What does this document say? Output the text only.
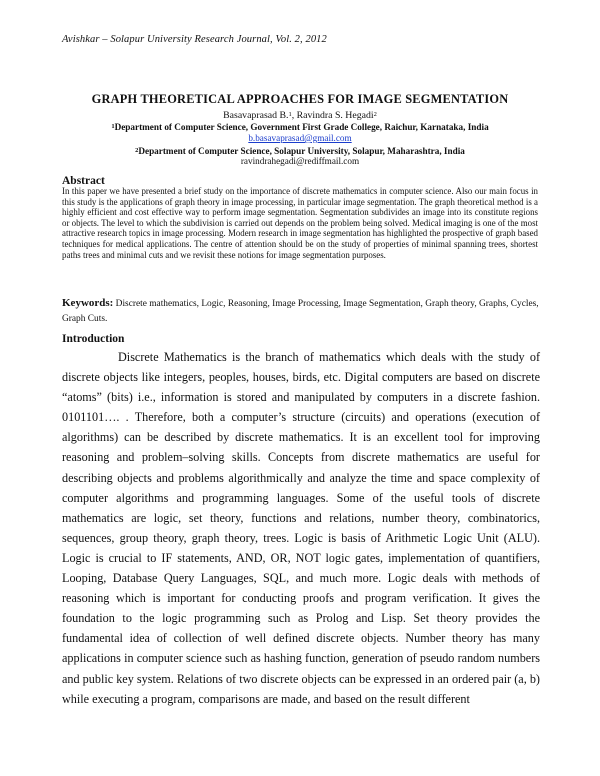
Avishkar – Solapur University Research Journal, Vol. 2, 2012
GRAPH THEORETICAL APPROACHES FOR IMAGE SEGMENTATION
Basavaprasad B.$^1$, Ravindra S. Hegadi$^2$
$^1$Department of Computer Science, Government First Grade College, Raichur, Karnataka, India
b.basavaprasad@gmail.com
$^2$Department of Computer Science, Solapur University, Solapur, Maharashtra, India
ravindrahegadi@rediffmail.com
Abstract

In this paper we have presented a brief study on the importance of discrete mathematics in computer science. Also our main focus in this study is the applications of graph theory in image processing, in particular image segmentation. The graph theoretical method is a highly efficient and cost effective way to perform image segmentation. Segmentation subdivides an image into its constitute regions or objects. The level to which the subdivision is carried out depends on the problem being solved. Medical imaging is one of the most attractive research topics in image processing. Modern research in image segmentation has highlighted the prospective of graph based techniques for medical applications. The centre of attention should be on the study of properties of minimal spanning trees, shortest paths trees and minimal cuts and we revisit these notions for image segmentation purposes.

Keywords: Discrete mathematics, Logic, Reasoning, Image Processing, Image Segmentation, Graph theory, Graphs, Cycles, Graph Cuts.

Introduction

Discrete Mathematics is the branch of mathematics which deals with the study of discrete objects like integers, peoples, houses, birds, etc. Digital computers are based on discrete “atoms” (bits) i.e., information is stored and manipulated by computers in a discrete fashion. 0101101…. . Therefore, both a computer’s structure (circuits) and operations (execution of algorithms) can be described by discrete mathematics. It is an excellent tool for improving reasoning and problem–solving skills. Concepts from discrete mathematics are useful for describing objects and problems algorithmically and analyze the time and space complexity of computer algorithms and programming languages. Some of the useful tools of discrete mathematics are logic, set theory, functions and relations, number theory, combinatorics, sequences, group theory, graph theory, trees. Logic is basis of Arithmetic Logic Unit (ALU). Logic is crucial to IF statements, AND, OR, NOT logic gates, implementation of quantifiers, Looping, Database Query Languages, SQL, and much more. Logic deals with methods of reasoning which is important for conducting proofs and program verification. It gives the foundation to the logic programming such as Prolog and Lisp. Set theory provides the fundamental idea of collection of well defined discrete objects. Number theory has many applications in computer science such as hashing function, generation of pseudo random numbers and public key system. Relations of two discrete objects can be expressed in an ordered pair (a, b) while executing a program, comparisons are made, and based on the result different
